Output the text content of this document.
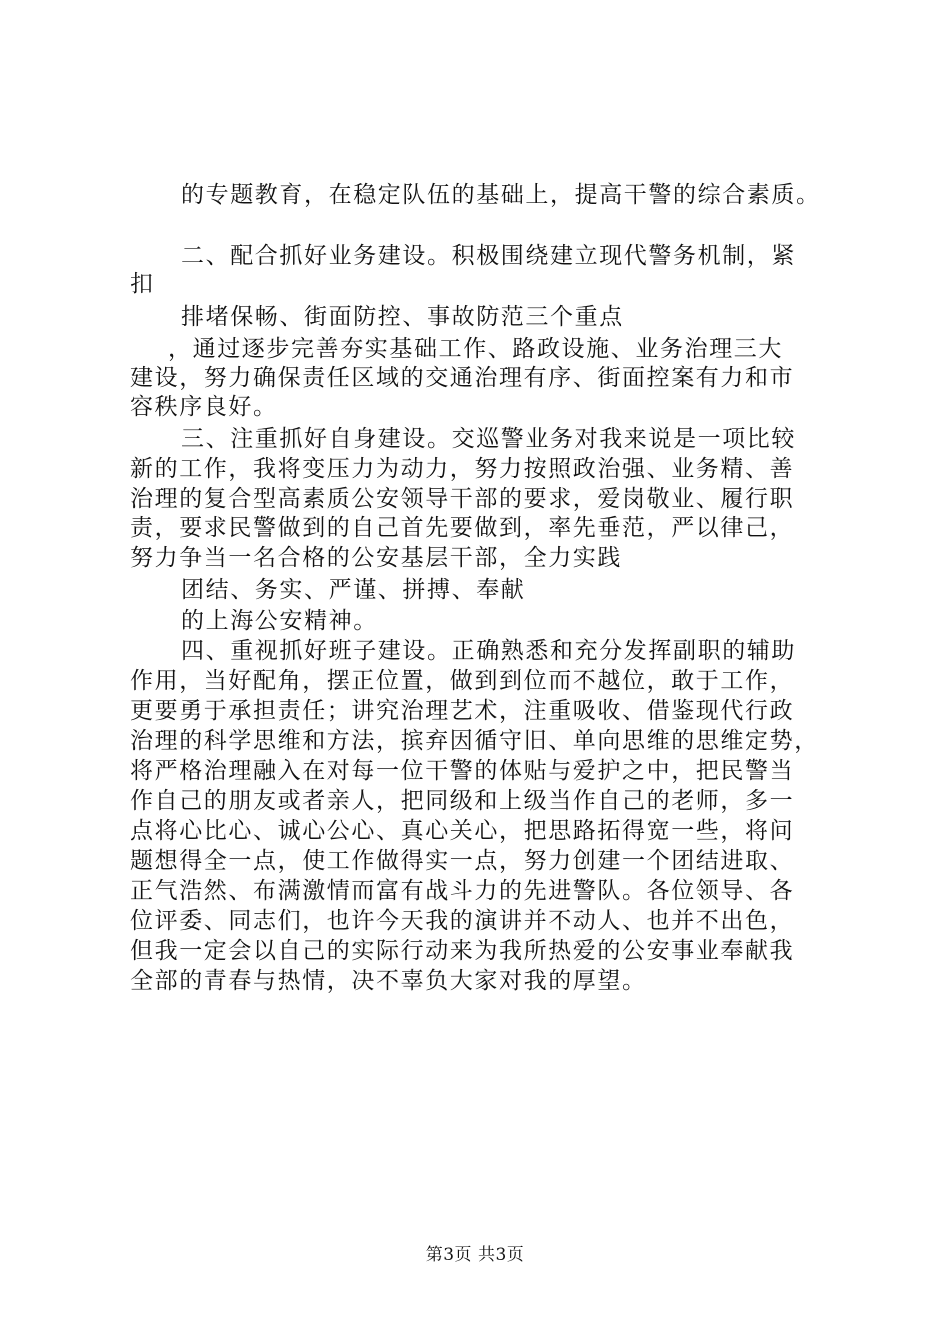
的专题教育，在稳定队伍的基础上，提高干警的综合素质。
二、配合抓好业务建设。积极围绕建立现代警务机制，紧
扣
排堵保畅、街面防控、事故防范三个重点
，通过逐步完善夯实基础工作、路政设施、业务治理三大
建设，努力确保责任区域的交通治理有序、街面控案有力和市
容秩序良好。
三、注重抓好自身建设。交巡警业务对我来说是一项比较
新的工作，我将变压力为动力，努力按照政治强、业务精、善
治理的复合型高素质公安领导干部的要求，爱岗敬业、履行职
责，要求民警做到的自己首先要做到，率先垂范，严以律己，
努力争当一名合格的公安基层干部，全力实践
团结、务实、严谨、拼搏、奉献
的上海公安精神。
四、重视抓好班子建设。正确熟悉和充分发挥副职的辅助
作用，当好配角，摆正位置，做到到位而不越位，敢于工作，
更要勇于承担责任；讲究治理艺术，注重吸收、借鉴现代行政
治理的科学思维和方法，摈弃因循守旧、单向思维的思维定势，
将严格治理融入在对每一位干警的体贴与爱护之中，把民警当
作自己的朋友或者亲人，把同级和上级当作自己的老师，多一
点将心比心、诚心公心、真心关心，把思路拓得宽一些，将问
题想得全一点，使工作做得实一点，努力创建一个团结进取、
正气浩然、布满激情而富有战斗力的先进警队。各位领导、各
位评委、同志们，也许今天我的演讲并不动人、也并不出色，
但我一定会以自己的实际行动来为我所热爱的公安事业奉献我
全部的青春与热情，决不辜负大家对我的厚望。
第3页 共3页
